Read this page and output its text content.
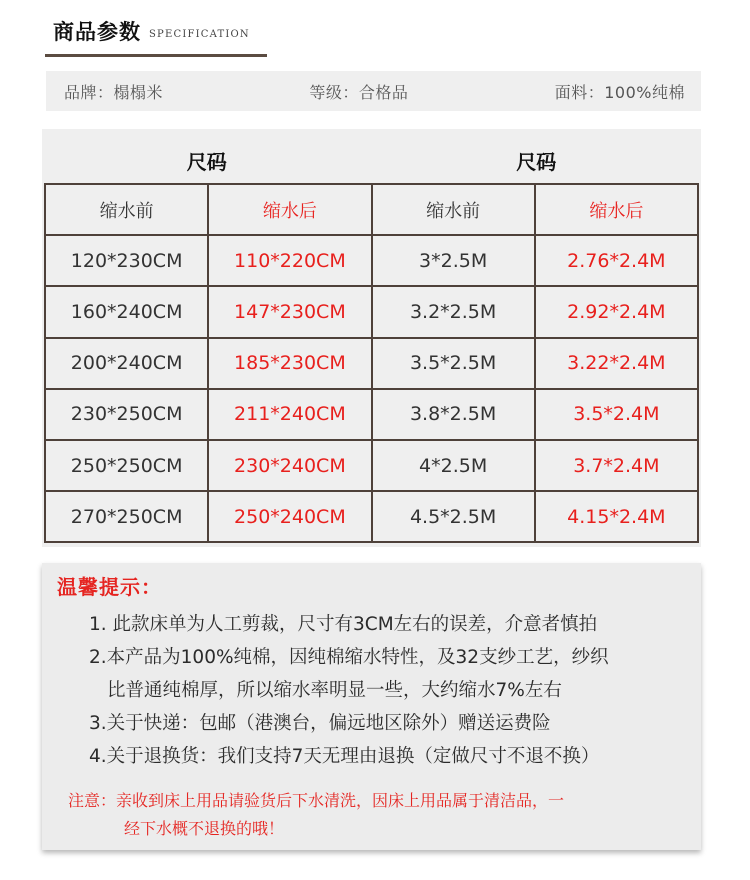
商品参数 SPECIFICATION
品牌：榻榻米	等级：合格品	面料：100%纯棉
尺码	尺码
缩水前	缩水后	缩水前	缩水后
120*230CM	110*220CM	3*2.5M	2.76*2.4M
160*240CM	147*230CM	3.2*2.5M	2.92*2.4M
200*240CM	185*230CM	3.5*2.5M	3.22*2.4M
230*250CM	211*240CM	3.8*2.5M	3.5*2.4M
250*250CM	230*240CM	4*2.5M	3.7*2.4M
270*250CM	250*240CM	4.5*2.5M	4.15*2.4M
温馨提示：
1. 此款床单为人工剪裁，尺寸有3CM左右的误差，介意者慎拍
2.本产品为100%纯棉，因纯棉缩水特性，及32支纱工艺，纱织
比普通纯棉厚，所以缩水率明显一些，大约缩水7%左右
3.关于快递：包邮（港澳台，偏远地区除外）赠送运费险
4.关于退换货：我们支持7天无理由退换（定做尺寸不退不换）
注意：亲收到床上用品请验货后下水清洗，因床上用品属于清洁品，一
经下水概不退换的哦！
